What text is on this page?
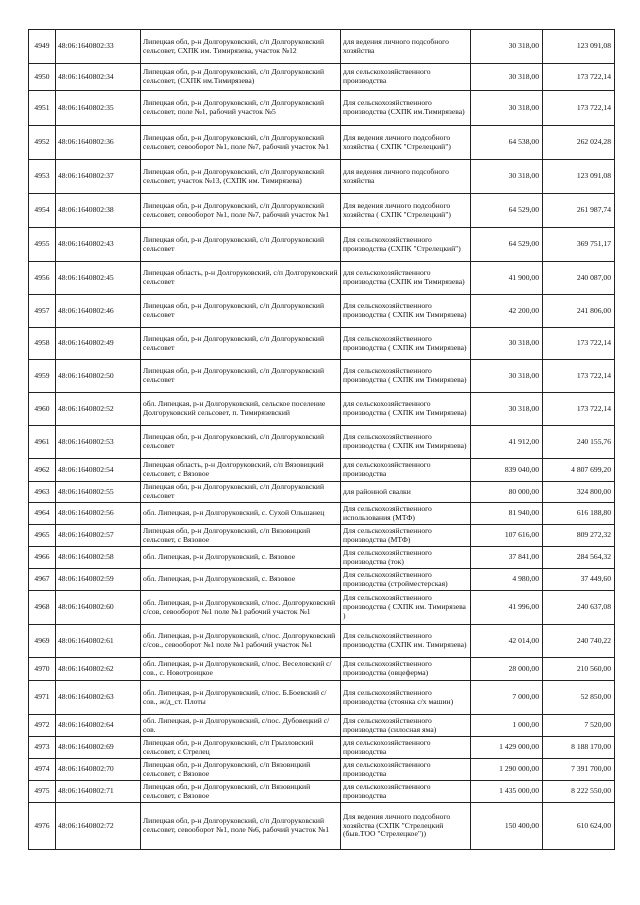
4949	48:06:1640802:33	Липецкая обл, р-н Долгоруковский, с/п Долгоруковский сельсовет, СХПК им. Тимирязева, участок №12	для ведения личного подсобного хозяйства	30 318,00	123 091,08
4950	48:06:1640802:34	Липецкая обл, р-н Долгоруковский, с/п Долгоруковский сельсовет, (СХПК им.Тимирязева)	для сельскохозяйственного производства	30 318,00	173 722,14
4951	48:06:1640802:35	Липецкая обл, р-н Долгоруковский, с/п Долгоруковский сельсовет, поле №1, рабочий участок №5	Для сельскохозяйственного производства (СХПК им.Тимирязева)	30 318,00	173 722,14
4952	48:06:1640802:36	Липецкая обл, р-н Долгоруковский, с/п Долгоруковский сельсовет, севооборот №1, поле №7, рабочий участок №1	Для ведения личного подсобного хозяйства ( СХПК "Стрелецкий")	64 538,00	262 024,28
4953	48:06:1640802:37	Липецкая обл, р-н Долгоруковский, с/п Долгоруковский сельсовет, участок №13, (СХПК им. Тимирязева)	для ведения личного подсобного хозяйства	30 318,00	123 091,08
4954	48:06:1640802:38	Липецкая обл, р-н Долгоруковский, с/п Долгоруковский сельсовет, севооборот №1, поле №7, рабочий участок №1	Для ведения личного подсобного хозяйства ( СХПК "Стрелецкий")	64 529,00	261 987,74
4955	48:06:1640802:43	Липецкая обл, р-н Долгоруковский, с/п Долгоруковский сельсовет	Для сельскохозяйственного производства (СХПК "Стрелецкий")	64 529,00	369 751,17
4956	48:06:1640802:45	Липецкая область, р-н Долгоруковский, с/п Долгоруковский сельсовет	для сельскохозяйственного производства (СХПК им Тимирязева)	41 900,00	240 087,00
4957	48:06:1640802:46	Липецкая обл, р-н Долгоруковский, с/п Долгоруковский сельсовет	Для сельскохозяйственного производства ( СХПК им Тимирязева)	42 200,00	241 806,00
4958	48:06:1640802:49	Липецкая обл, р-н Долгоруковский, с/п Долгоруковский сельсовет	Для сельскохозяйственного производства ( СХПК им Тимирязева)	30 318,00	173 722,14
4959	48:06:1640802:50	Липецкая обл, р-н Долгоруковский, с/п Долгоруковский сельсовет	Для сельскохозяйственного производства ( СХПК им Тимирязева)	30 318,00	173 722,14
4960	48:06:1640802:52	обл. Липецкая, р-н Долгоруковский, сельское поселение Долгоруковский сельсовет, п. Тимирязевский	для сельскохозяйственного производства ( СХПК им Тимирязева)	30 318,00	173 722,14
4961	48:06:1640802:53	Липецкая обл, р-н Долгоруковский, с/п Долгоруковский сельсовет	Для сельскохозяйственного производства ( СХПК им Тимирязева)	41 912,00	240 155,76
4962	48:06:1640802:54	Липецкая область, р-н Долгоруковский, с/п Вязовицкий сельсовет, с Вязовое	для сельскохозяйственного производства	839 040,00	4 807 699,20
4963	48:06:1640802:55	Липецкая обл, р-н Долгоруковский, с/п Долгоруковский сельсовет	для районной свалки	80 000,00	324 800,00
4964	48:06:1640802:56	обл. Липецкая, р-н Долгоруковский, с. Сухой Ольшанец	Для сельскохозяйственного использования (МТФ)	81 940,00	616 188,80
4965	48:06:1640802:57	Липецкая обл, р-н Долгоруковский, с/п Вязовицкий сельсовет, с Вязовое	Для сельскохозяйственного производства (МТФ)	107 616,00	809 272,32
4966	48:06:1640802:58	обл. Липецкая, р-н Долгоруковский, с. Вязовое	Для сельскохозяйственного производства (ток)	37 841,00	284 564,32
4967	48:06:1640802:59	обл. Липецкая, р-н Долгоруковский, с. Вязовое	Для сельскохозяйственного производства (стройместерская)	4 980,00	37 449,60
4968	48:06:1640802:60	обл. Липецкая, р-н Долгоруковский, с/пос. Долгоруковский с/сов, севооборот №1 поле №1 рабочий участок №1	Для сельскохозяйственного производства ( СХПК им. Тимирязева )	41 996,00	240 637,08
4969	48:06:1640802:61	обл. Липецкая, р-н Долгоруковский, с/пос. Долгоруковский с/сов., севооборот №1 поле №1 рабочий участок №1	Для сельскохозяйственного производства (СХПК им. Тимирязева)	42 014,00	240 740,22
4970	48:06:1640802:62	обл. Липецкая, р-н Долгоруковский, с/пос. Веселовский с/сов., с. Новотроицкое	Для сельскохозяйственного производства (овцеферма)	28 000,00	210 560,00
4971	48:06:1640802:63	обл. Липецкая, р-н Долгоруковский, с/пос. Б.Боевский с/сов., ж/д_ст. Плоты	Для сельскохозяйственного производства (стоянка с/х машин)	7 000,00	52 850,00
4972	48:06:1640802:64	обл. Липецкая, р-н Долгоруковский, с/пос. Дубовецкий с/сов.	Для сельскохозяйственного производства (силосная яма)	1 000,00	7 520,00
4973	48:06:1640802:69	Липецкая обл, р-н Долгоруковский, с/п Грызловский сельсовет, с Стрелец	для сельскохозяйственного производства	1 429 000,00	8 188 170,00
4974	48:06:1640802:70	Липецкая обл, р-н Долгоруковский, с/п Вязовицкий сельсовет, с Вязовое	для сельскохозяйственного производства	1 290 000,00	7 391 700,00
4975	48:06:1640802:71	Липецкая обл, р-н Долгоруковский, с/п Вязовицкий сельсовет, с Вязовое	для сельскохозяйственного производства	1 435 000,00	8 222 550,00
4976	48:06:1640802:72	Липецкая обл, р-н Долгоруковский, с/п Долгоруковский сельсовет, севооборот №1, поле №6, рабочий участок №1	Для ведения личного подсобного хозяйства (СХПК "Стрелецкий (быв.ТОО "Стрелецкое"))	150 400,00	610 624,00
